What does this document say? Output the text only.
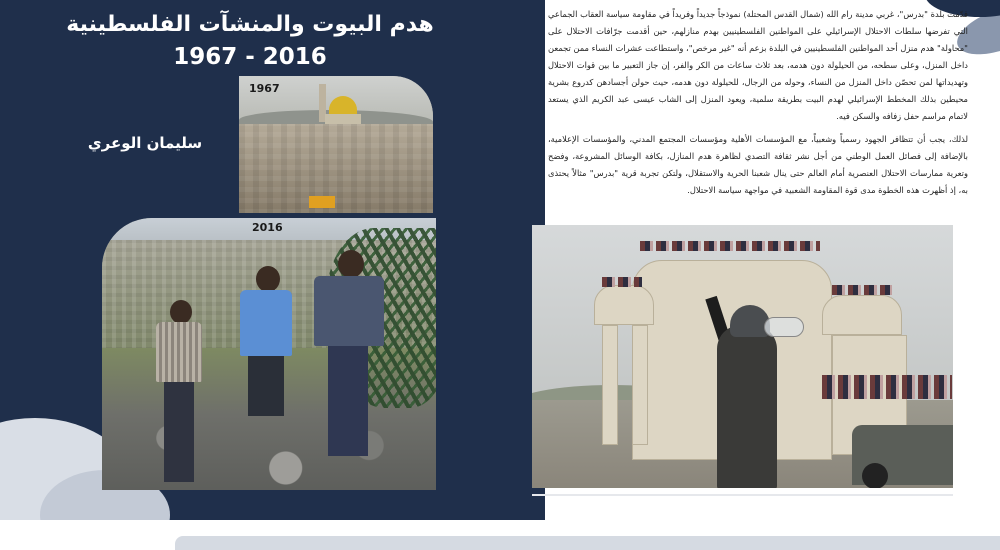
هدم البيوت والمنشآت الفلسطينية
1967 - 2016
سليمان الوعري
1967
2016

قدّمت بلدة "بدرس"، غربي مدينة رام الله (شمال القدس المحتلة) نموذجاً جديداً وفريداً في مقاومة سياسة العقاب الجماعي التي تفرضها سلطات الاحتلال الإسرائيلي على المواطنين الفلسطينيين بهدم منازلهم، حين أقدمت جرّافات الاحتلال على "محاولة" هدم منزل أحد المواطنين الفلسطينيين في البلدة بزعم أنه "غير مرخص"، واستطاعت عشرات النساء ممن تجمعن داخل المنزل، وعلى سطحه، من الحيلولة دون هدمه، بعد ثلاث ساعات من الكر والفر، إن جاز التعبير ما بين قوات الاحتلال وتهديداتها لمن تحصّن داخل المنزل من النساء، وحوله من الرجال، للحيلولة دون هدمه، حيث حولن أجسادهن كدروع بشرية محيطين بذلك المخطط الإسرائيلي لهدم البيت بطريقة سلمية، ويعود المنزل إلى الشاب عيسى عبد الكريم الذي يستعد لاتمام مراسم حفل زفافه والسكن فيه.

لذلك، يجب أن تتظافر الجهود رسمياً وشعبياً، مع المؤسسات الأهلية ومؤسسات المجتمع المدني، والمؤسسات الإعلامية، بالإضافة إلى فصائل العمل الوطني من أجل نشر ثقافة التصدي لظاهرة هدم المنازل، بكافة الوسائل المشروعة، وفضح وتعرية ممارسات الاحتلال العنصرية أمام العالم حتى ينال شعبنا الحرية والاستقلال، ولتكن تجربة قرية "بدرس" مثالاً يحتذى به، إذ أظهرت هذه الخطوة مدى قوة المقاومة الشعبية في مواجهة سياسة الاحتلال.
